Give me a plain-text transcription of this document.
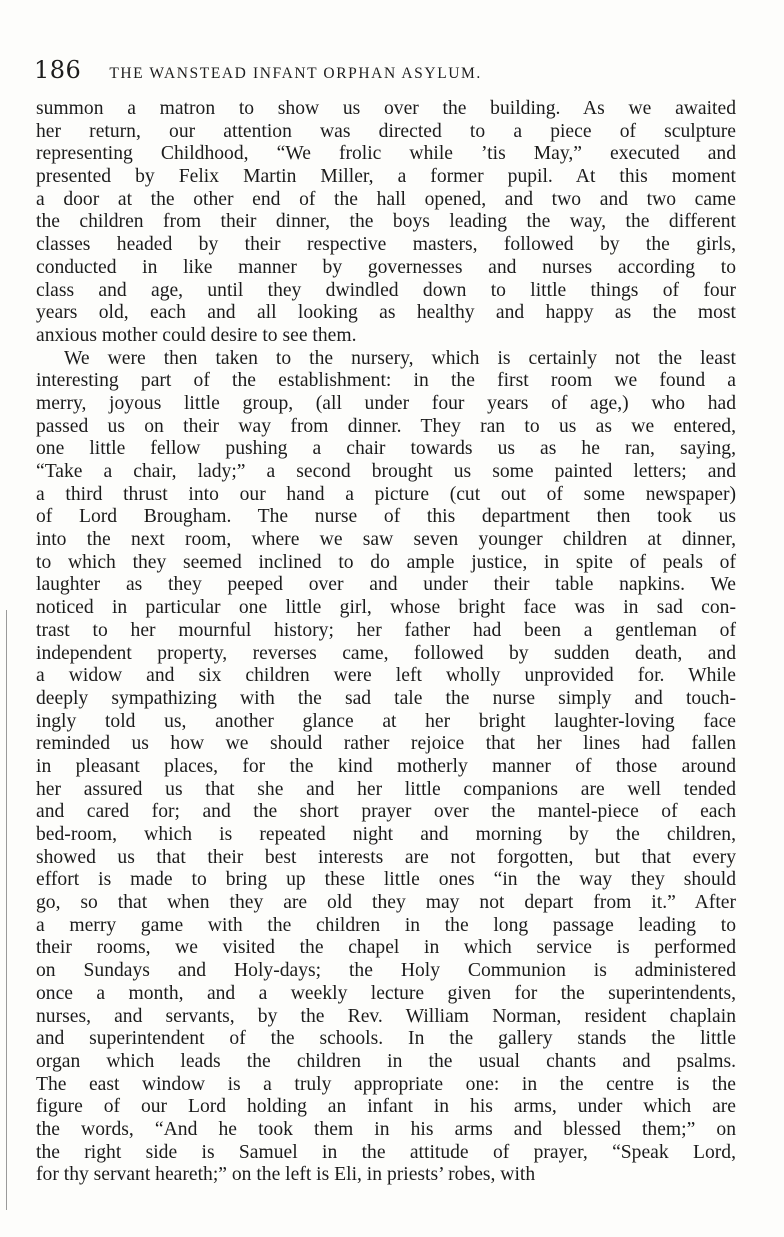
186 THE WANSTEAD INFANT ORPHAN ASYLUM.
summon a matron to show us over the building. As we awaited
her return, our attention was directed to a piece of sculpture
representing Childhood, “We frolic while ’tis May,” executed and
presented by Felix Martin Miller, a former pupil. At this moment
a door at the other end of the hall opened, and two and two came
the children from their dinner, the boys leading the way, the different
classes headed by their respective masters, followed by the girls,
conducted in like manner by governesses and nurses according to
class and age, until they dwindled down to little things of four
years old, each and all looking as healthy and happy as the most
anxious mother could desire to see them.
We were then taken to the nursery, which is certainly not the least
interesting part of the establishment: in the first room we found a
merry, joyous little group, (all under four years of age,) who had
passed us on their way from dinner. They ran to us as we entered,
one little fellow pushing a chair towards us as he ran, saying,
“Take a chair, lady;” a second brought us some painted letters; and
a third thrust into our hand a picture (cut out of some newspaper)
of Lord Brougham. The nurse of this department then took us
into the next room, where we saw seven younger children at dinner,
to which they seemed inclined to do ample justice, in spite of peals of
laughter as they peeped over and under their table napkins. We
noticed in particular one little girl, whose bright face was in sad con-
trast to her mournful history; her father had been a gentleman of
independent property, reverses came, followed by sudden death, and
a widow and six children were left wholly unprovided for. While
deeply sympathizing with the sad tale the nurse simply and touch-
ingly told us, another glance at her bright laughter-loving face
reminded us how we should rather rejoice that her lines had fallen
in pleasant places, for the kind motherly manner of those around
her assured us that she and her little companions are well tended
and cared for; and the short prayer over the mantel-piece of each
bed-room, which is repeated night and morning by the children,
showed us that their best interests are not forgotten, but that every
effort is made to bring up these little ones “in the way they should
go, so that when they are old they may not depart from it.” After
a merry game with the children in the long passage leading to
their rooms, we visited the chapel in which service is performed
on Sundays and Holy-days; the Holy Communion is administered
once a month, and a weekly lecture given for the superintendents,
nurses, and servants, by the Rev. William Norman, resident chaplain
and superintendent of the schools. In the gallery stands the little
organ which leads the children in the usual chants and psalms.
The east window is a truly appropriate one: in the centre is the
figure of our Lord holding an infant in his arms, under which are
the words, “And he took them in his arms and blessed them;” on
the right side is Samuel in the attitude of prayer, “Speak Lord,
for thy servant heareth;” on the left is Eli, in priests’ robes, with
